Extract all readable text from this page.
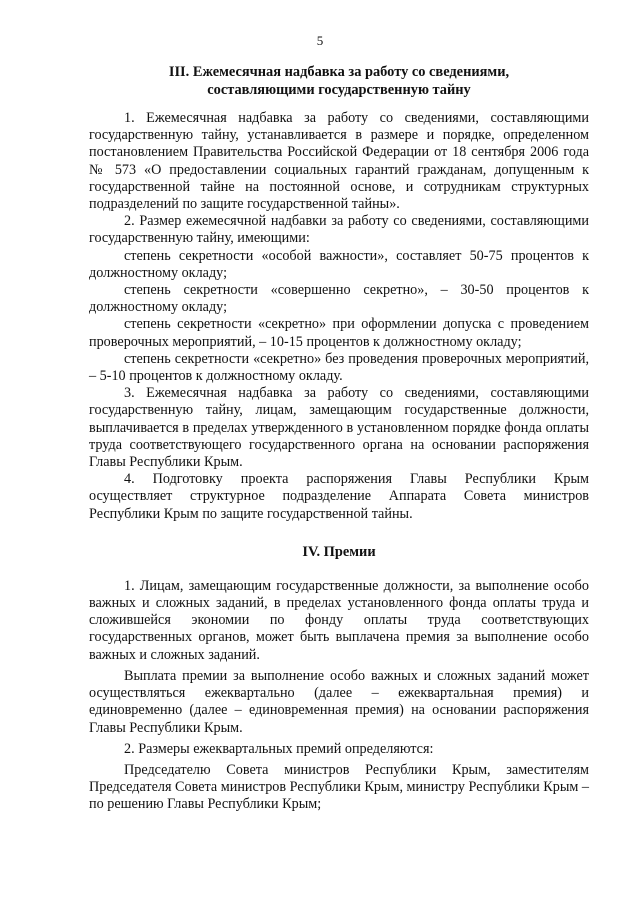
5
III. Ежемесячная надбавка за работу со сведениями,
составляющими государственную тайну

1. Ежемесячная надбавка за работу со сведениями, составляющими государственную тайну, устанавливается в размере и порядке, определенном постановлением Правительства Российской Федерации от 18 сентября 2006 года № 573 «О предоставлении социальных гарантий гражданам, допущенным к государственной тайне на постоянной основе, и сотрудникам структурных подразделений по защите государственной тайны».

2. Размер ежемесячной надбавки за работу со сведениями, составляющими государственную тайну, имеющими:

степень секретности «особой важности», составляет 50-75 процентов к должностному окладу;

степень секретности «совершенно секретно», – 30-50 процентов к должностному окладу;

степень секретности «секретно» при оформлении допуска с проведением проверочных мероприятий, – 10-15 процентов к должностному окладу;

степень секретности «секретно» без проведения проверочных мероприятий, – 5-10 процентов к должностному окладу.

3. Ежемесячная надбавка за работу со сведениями, составляющими государственную тайну, лицам, замещающим государственные должности, выплачивается в пределах утвержденного в установленном порядке фонда оплаты труда соответствующего государственного органа на основании распоряжения Главы Республики Крым.

4. Подготовку проекта распоряжения Главы Республики Крым осуществляет структурное подразделение Аппарата Совета министров Республики Крым по защите государственной тайны.

IV. Премии

1. Лицам, замещающим государственные должности, за выполнение особо важных и сложных заданий, в пределах установленного фонда оплаты труда и сложившейся экономии по фонду оплаты труда соответствующих государственных органов, может быть выплачена премия за выполнение особо важных и сложных заданий.

Выплата премии за выполнение особо важных и сложных заданий может осуществляться ежеквартально (далее – ежеквартальная премия) и единовременно (далее – единовременная премия) на основании распоряжения Главы Республики Крым.

2. Размеры ежеквартальных премий определяются:

Председателю Совета министров Республики Крым, заместителям Председателя Совета министров Республики Крым, министру Республики Крым – по решению Главы Республики Крым;
